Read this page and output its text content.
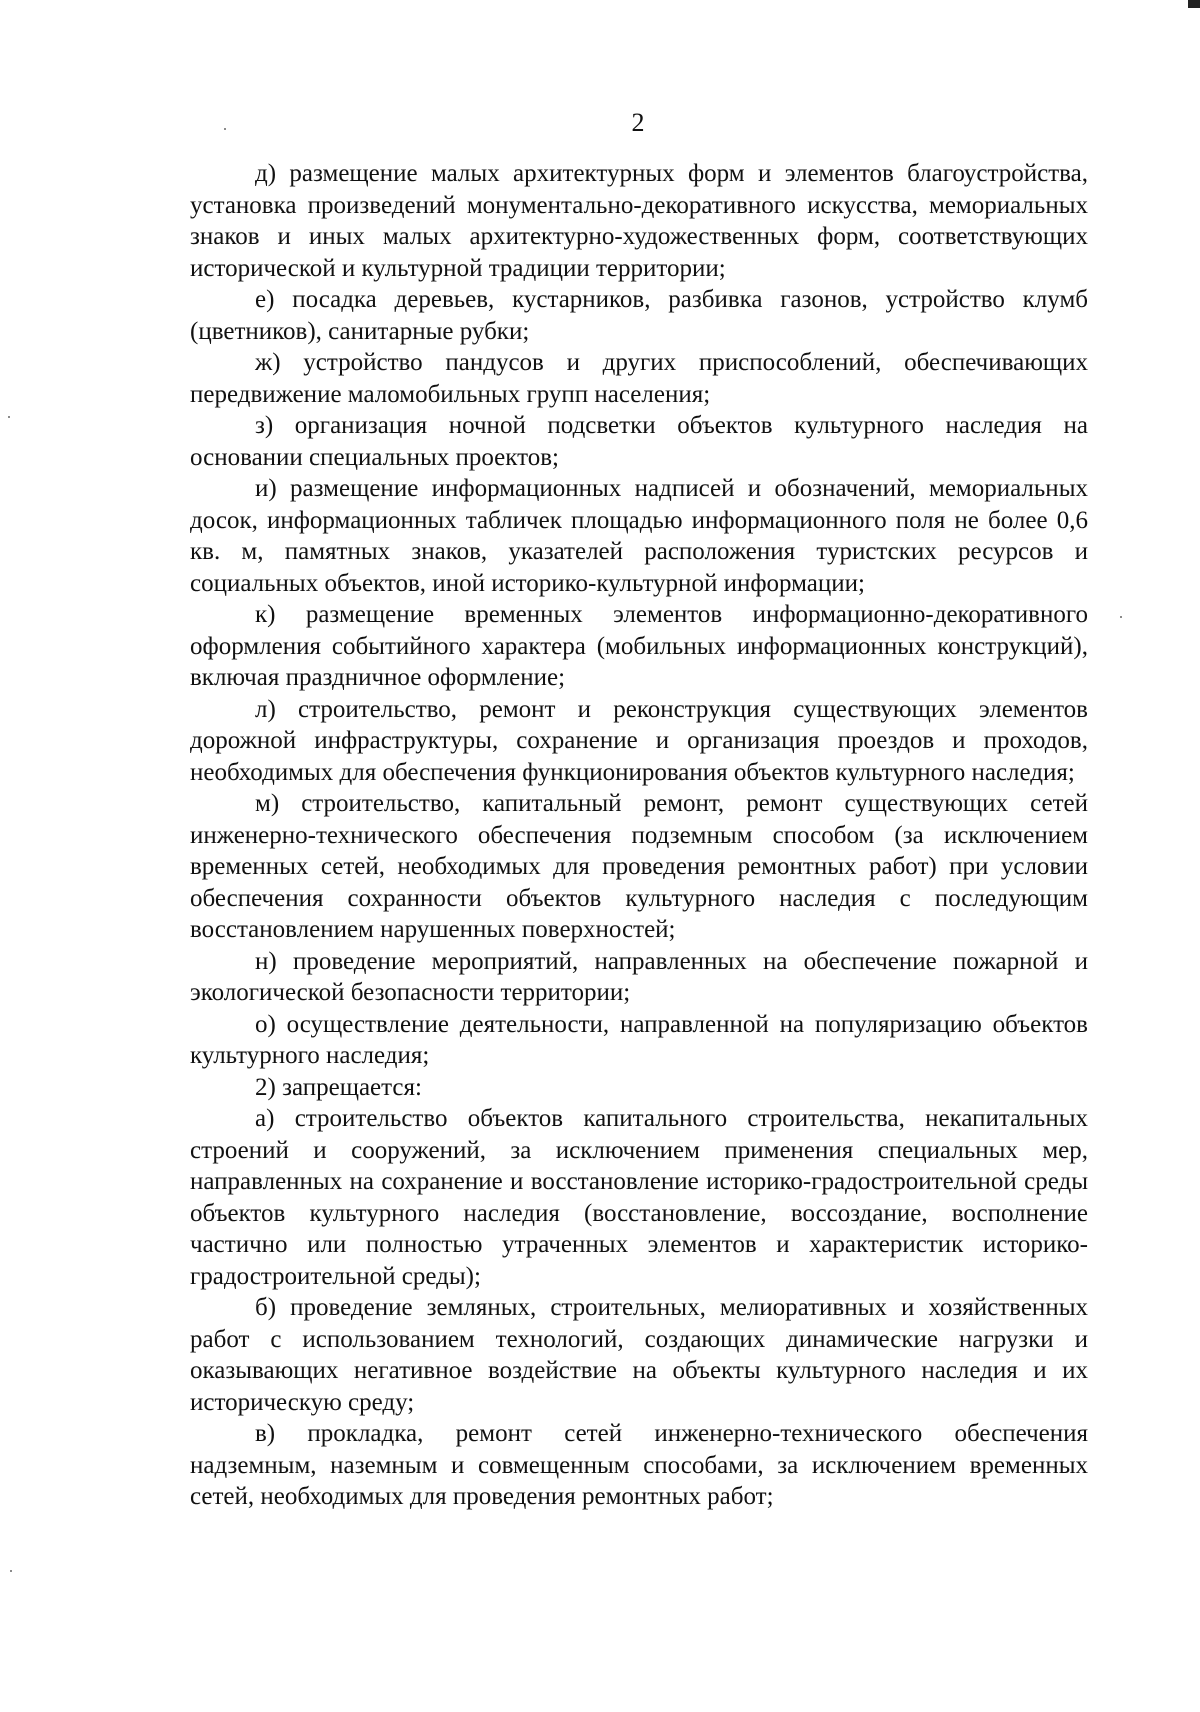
2

д) размещение малых архитектурных форм и элементов благоустройства, установка произведений монументально-декоративного искусства, мемориальных знаков и иных малых архитектурно-художественных форм, соответствующих исторической и культурной традиции территории;

е) посадка деревьев, кустарников, разбивка газонов, устройство клумб (цветников), санитарные рубки;

ж) устройство пандусов и других приспособлений, обеспечивающих передвижение маломобильных групп населения;

з) организация ночной подсветки объектов культурного наследия на основании специальных проектов;

и) размещение информационных надписей и обозначений, мемориальных досок, информационных табличек площадью информационного поля не более 0,6 кв. м, памятных знаков, указателей расположения туристских ресурсов и социальных объектов, иной историко-культурной информации;

к) размещение временных элементов информационно-декоративного оформления событийного характера (мобильных информационных конструкций), включая праздничное оформление;

л) строительство, ремонт и реконструкция существующих элементов дорожной инфраструктуры, сохранение и организация проездов и проходов, необходимых для обеспечения функционирования объектов культурного наследия;

м) строительство, капитальный ремонт, ремонт существующих сетей инженерно-технического обеспечения подземным способом (за исключением временных сетей, необходимых для проведения ремонтных работ) при условии обеспечения сохранности объектов культурного наследия с последующим восстановлением нарушенных поверхностей;

н) проведение мероприятий, направленных на обеспечение пожарной и экологической безопасности территории;

о) осуществление деятельности, направленной на популяризацию объектов культурного наследия;

2) запрещается:

а) строительство объектов капитального строительства, некапитальных строений и сооружений, за исключением применения специальных мер, направленных на сохранение и восстановление историко-градостроительной среды объектов культурного наследия (восстановление, воссоздание, восполнение частично или полностью утраченных элементов и характеристик историко-градостроительной среды);

б) проведение земляных, строительных, мелиоративных и хозяйственных работ с использованием технологий, создающих динамические нагрузки и оказывающих негативное воздействие на объекты культурного наследия и их историческую среду;

в) прокладка, ремонт сетей инженерно-технического обеспечения надземным, наземным и совмещенным способами, за исключением временных сетей, необходимых для проведения ремонтных работ;
